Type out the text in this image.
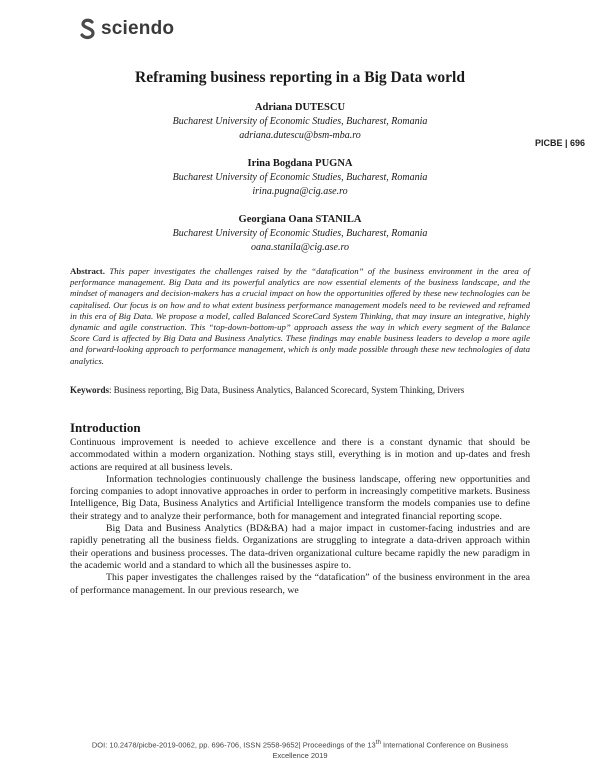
sciendo
PICBE | 696
Reframing business reporting in a Big Data world
Adriana DUTESCU
Bucharest University of Economic Studies, Bucharest, Romania
adriana.dutescu@bsm-mba.ro
Irina Bogdana PUGNA
Bucharest University of Economic Studies, Bucharest, Romania
irina.pugna@cig.ase.ro
Georgiana Oana STANILA
Bucharest University of Economic Studies, Bucharest, Romania
oana.stanila@cig.ase.ro
Abstract. This paper investigates the challenges raised by the “datafication” of the business environment in the area of performance management. Big Data and its powerful analytics are now essential elements of the business landscape, and the mindset of managers and decision-makers has a crucial impact on how the opportunities offered by these new technologies can be capitalised. Our focus is on how and to what extent business performance management models need to be reviewed and reframed in this era of Big Data. We propose a model, called Balanced ScoreCard System Thinking, that may insure an integrative, highly dynamic and agile construction. This “top-down-bottom-up” approach assess the way in which every segment of the Balance Score Card is affected by Big Data and Business Analytics. These findings may enable business leaders to develop a more agile and forward-looking approach to performance management, which is only made possible through these new technologies of data analytics.
Keywords: Business reporting, Big Data, Business Analytics, Balanced Scorecard, System Thinking, Drivers
Introduction

Continuous improvement is needed to achieve excellence and there is a constant dynamic that should be accommodated within a modern organization. Nothing stays still, everything is in motion and up-dates and fresh actions are required at all business levels.

Information technologies continuously challenge the business landscape, offering new opportunities and forcing companies to adopt innovative approaches in order to perform in increasingly competitive markets. Business Intelligence, Big Data, Business Analytics and Artificial Intelligence transform the models companies use to define their strategy and to analyze their performance, both for management and integrated financial reporting scope.

Big Data and Business Analytics (BD&BA) had a major impact in customer-facing industries and are rapidly penetrating all the business fields. Organizations are struggling to integrate a data-driven approach within their operations and business processes. The data-driven organizational culture became rapidly the new paradigm in the academic world and a standard to which all the businesses aspire to.

This paper investigates the challenges raised by the “datafication” of the business environment in the area of performance management. In our previous research, we

DOI: 10.2478/picbe-2019-0062, pp. 696-706, ISSN 2558-9652| Proceedings of the 13th International Conference on Business
Excellence 2019
